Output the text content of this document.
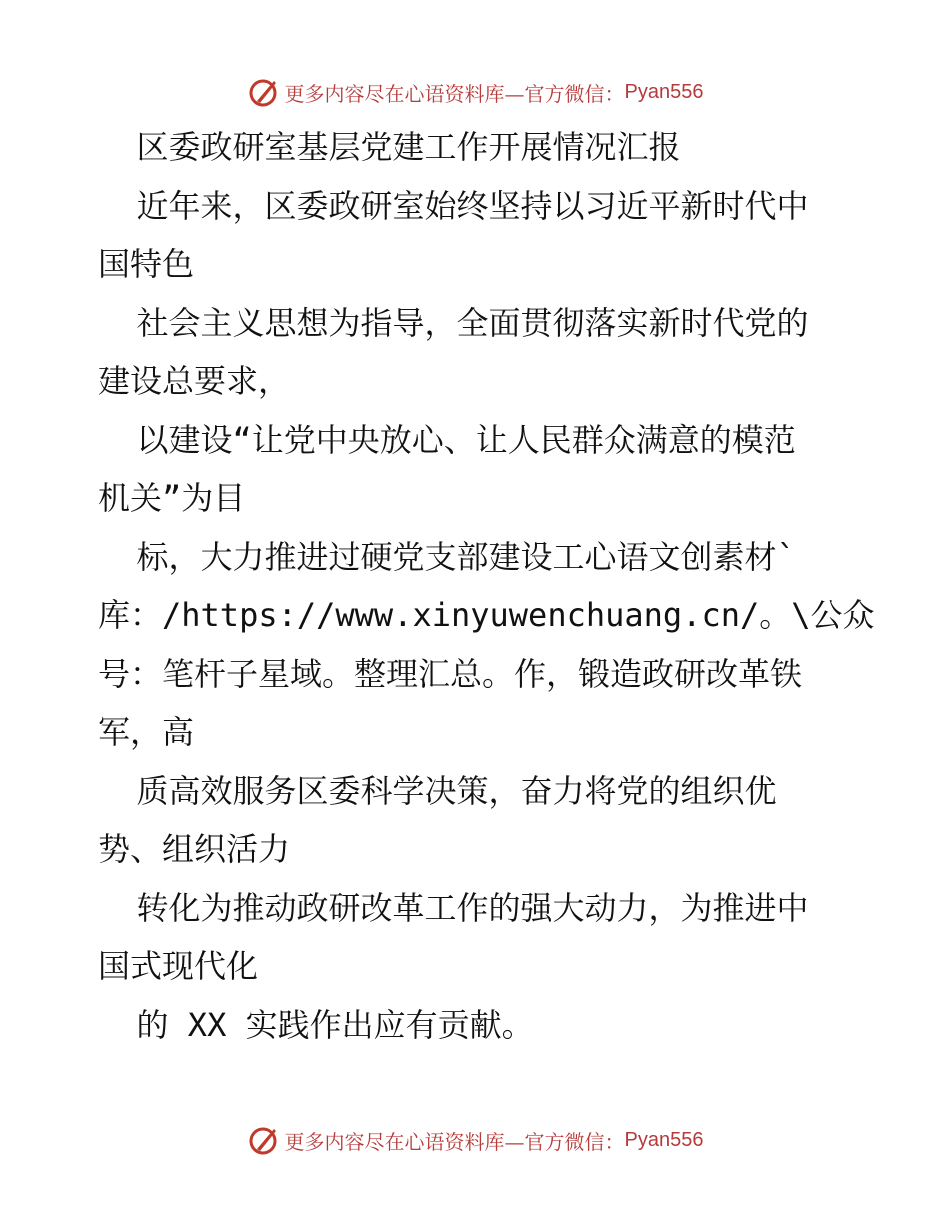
更多内容尽在心语资料库—官方微信： Pyan556
区委政研室基层党建工作开展情况汇报
近年来，区委政研室始终坚持以习近平新时代中
国特色
社会主义思想为指导，全面贯彻落实新时代党的
建设总要求，
以建设“让党中央放心、让人民群众满意的模范
机关”为目
标，大力推进过硬党支部建设工心语文创素材`
库：/https://www.xinyuwenchuang.cn/。\公众
号：笔杆子星域。整理汇总。作，锻造政研改革铁
军，高
质高效服务区委科学决策，奋力将党的组织优
势、组织活力
转化为推动政研改革工作的强大动力，为推进中
国式现代化
的 XX 实践作出应有贡献。
更多内容尽在心语资料库—官方微信： Pyan556
